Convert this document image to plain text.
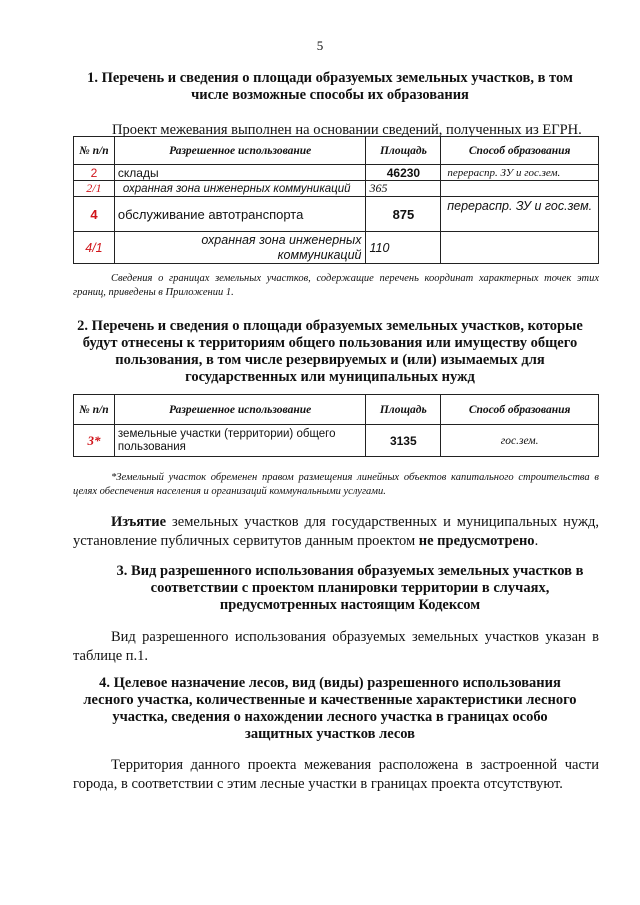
5
1. Перечень и сведения о площади образуемых земельных участков, в том
числе возможные способы их образования
Проект межевания выполнен на основании сведений, полученных из ЕГРН.
№ п/п	Разрешенное использование	Площадь	Способ образования
2	склады	46230	перераспр. ЗУ и гос.зем.
2/1	охранная зона инженерных коммуникаций	365	
4	обслуживание автотранспорта	875	перераспр. ЗУ и гос.зем.
4/1	охранная зона инженерных коммуникаций	110	
Сведения о границах земельных участков, содержащие перечень координат характерных точек этих границ, приведены в Приложении 1.
2. Перечень и сведения о площади образуемых земельных участков, которые
будут отнесены к территориям общего пользования или имуществу общего
пользования, в том числе резервируемых и (или) изымаемых для
государственных или муниципальных нужд
№ п/п	Разрешенное использование	Площадь	Способ образования
3*	земельные участки (территории) общего пользования	3135	гос.зем.
*Земельный участок обременен правом размещения линейных объектов капитального строительства в целях обеспечения населения и организаций коммунальными услугами.
Изъятие земельных участков для государственных и муниципальных нужд, установление публичных сервитутов данным проектом не предусмотрено.
3. Вид разрешенного использования образуемых земельных участков в
соответствии с проектом планировки территории в случаях,
предусмотренных настоящим Кодексом
Вид разрешенного использования образуемых земельных участков указан в таблице п.1.
4. Целевое назначение лесов, вид (виды) разрешенного использования
лесного участка, количественные и качественные характеристики лесного
участка, сведения о нахождении лесного участка в границах особо
защитных участков лесов
Территория данного проекта межевания расположена в застроенной части города, в соответствии с этим лесные участки в границах проекта отсутствуют.
